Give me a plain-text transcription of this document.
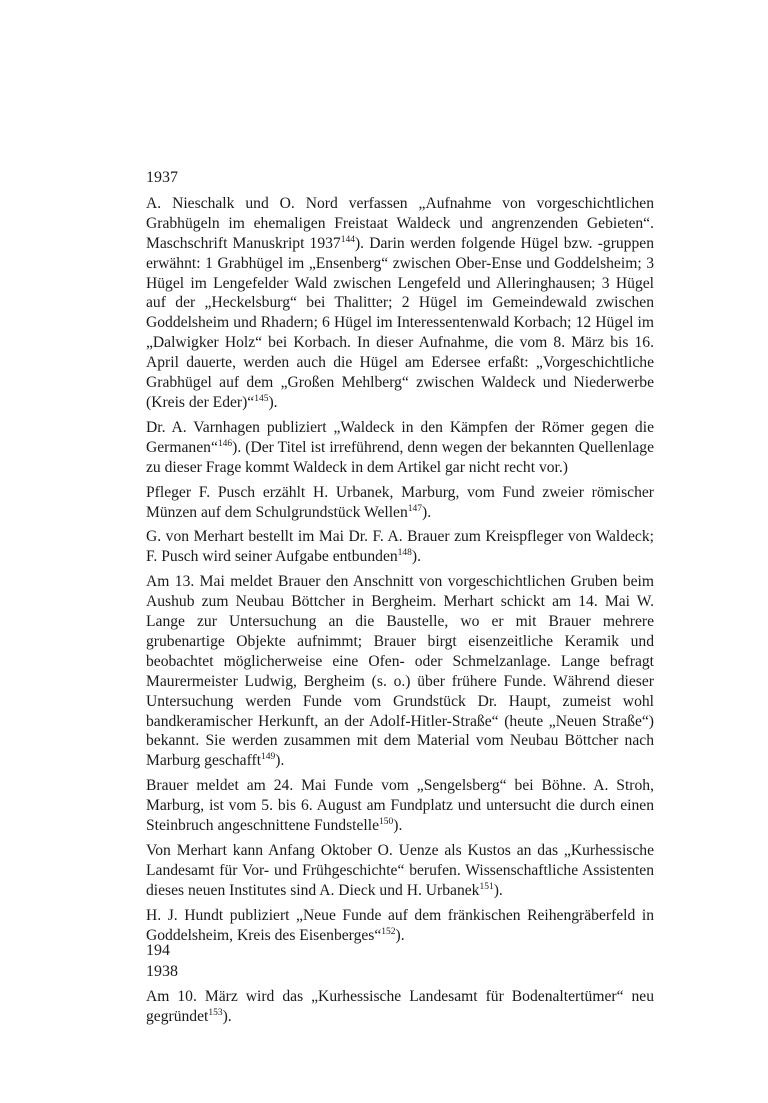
1937

A. Nieschalk und O. Nord verfassen „Aufnahme von vorgeschichtlichen Grabhügeln im ehemaligen Freistaat Waldeck und angrenzenden Gebieten“. Maschschrift Manuskript 1937$^{144}$). Darin werden folgende Hügel bzw. -gruppen erwähnt: 1 Grabhügel im „Ensenberg“ zwischen Ober-Ense und Goddelsheim; 3 Hügel im Lengefelder Wald zwischen Lengefeld und Alleringhausen; 3 Hügel auf der „Heckelsburg“ bei Thalitter; 2 Hügel im Gemeindewald zwischen Goddelsheim und Rhadern; 6 Hügel im Interessentenwald Korbach; 12 Hügel im „Dalwigker Holz“ bei Korbach. In dieser Aufnahme, die vom 8. März bis 16. April dauerte, werden auch die Hügel am Edersee erfaßt: „Vorgeschichtliche Grabhügel auf dem „Großen Mehlberg“ zwischen Waldeck und Niederwerbe (Kreis der Eder)“$^{145}$).

Dr. A. Varnhagen publiziert „Waldeck in den Kämpfen der Römer gegen die Germanen“$^{146}$). (Der Titel ist irreführend, denn wegen der bekannten Quellenlage zu dieser Frage kommt Waldeck in dem Artikel gar nicht recht vor.)

Pfleger F. Pusch erzählt H. Urbanek, Marburg, vom Fund zweier römischer Münzen auf dem Schulgrundstück Wellen$^{147}$).

G. von Merhart bestellt im Mai Dr. F. A. Brauer zum Kreispfleger von Waldeck; F. Pusch wird seiner Aufgabe entbunden$^{148}$).

Am 13. Mai meldet Brauer den Anschnitt von vorgeschichtlichen Gruben beim Aushub zum Neubau Böttcher in Bergheim. Merhart schickt am 14. Mai W. Lange zur Untersuchung an die Baustelle, wo er mit Brauer mehrere grubenartige Objekte aufnimmt; Brauer birgt eisenzeitliche Keramik und beobachtet möglicherweise eine Ofen- oder Schmelzanlage. Lange befragt Maurermeister Ludwig, Bergheim (s. o.) über frühere Funde. Während dieser Untersuchung werden Funde vom Grundstück Dr. Haupt, zumeist wohl bandkeramischer Herkunft, an der Adolf-Hitler-Straße“ (heute „Neuen Straße“) bekannt. Sie werden zusammen mit dem Material vom Neubau Böttcher nach Marburg geschafft$^{149}$).

Brauer meldet am 24. Mai Funde vom „Sengelsberg“ bei Böhne. A. Stroh, Marburg, ist vom 5. bis 6. August am Fundplatz und untersucht die durch einen Steinbruch angeschnittene Fundstelle$^{150}$).

Von Merhart kann Anfang Oktober O. Uenze als Kustos an das „Kurhessische Landesamt für Vor- und Frühgeschichte“ berufen. Wissenschaftliche Assistenten dieses neuen Institutes sind A. Dieck und H. Urbanek$^{151}$).

H. J. Hundt publiziert „Neue Funde auf dem fränkischen Reihengräberfeld in Goddelsheim, Kreis des Eisenberges“$^{152}$).

1938

Am 10. März wird das „Kurhessische Landesamt für Bodenaltertümer“ neu gegründet$^{153}$).

194
